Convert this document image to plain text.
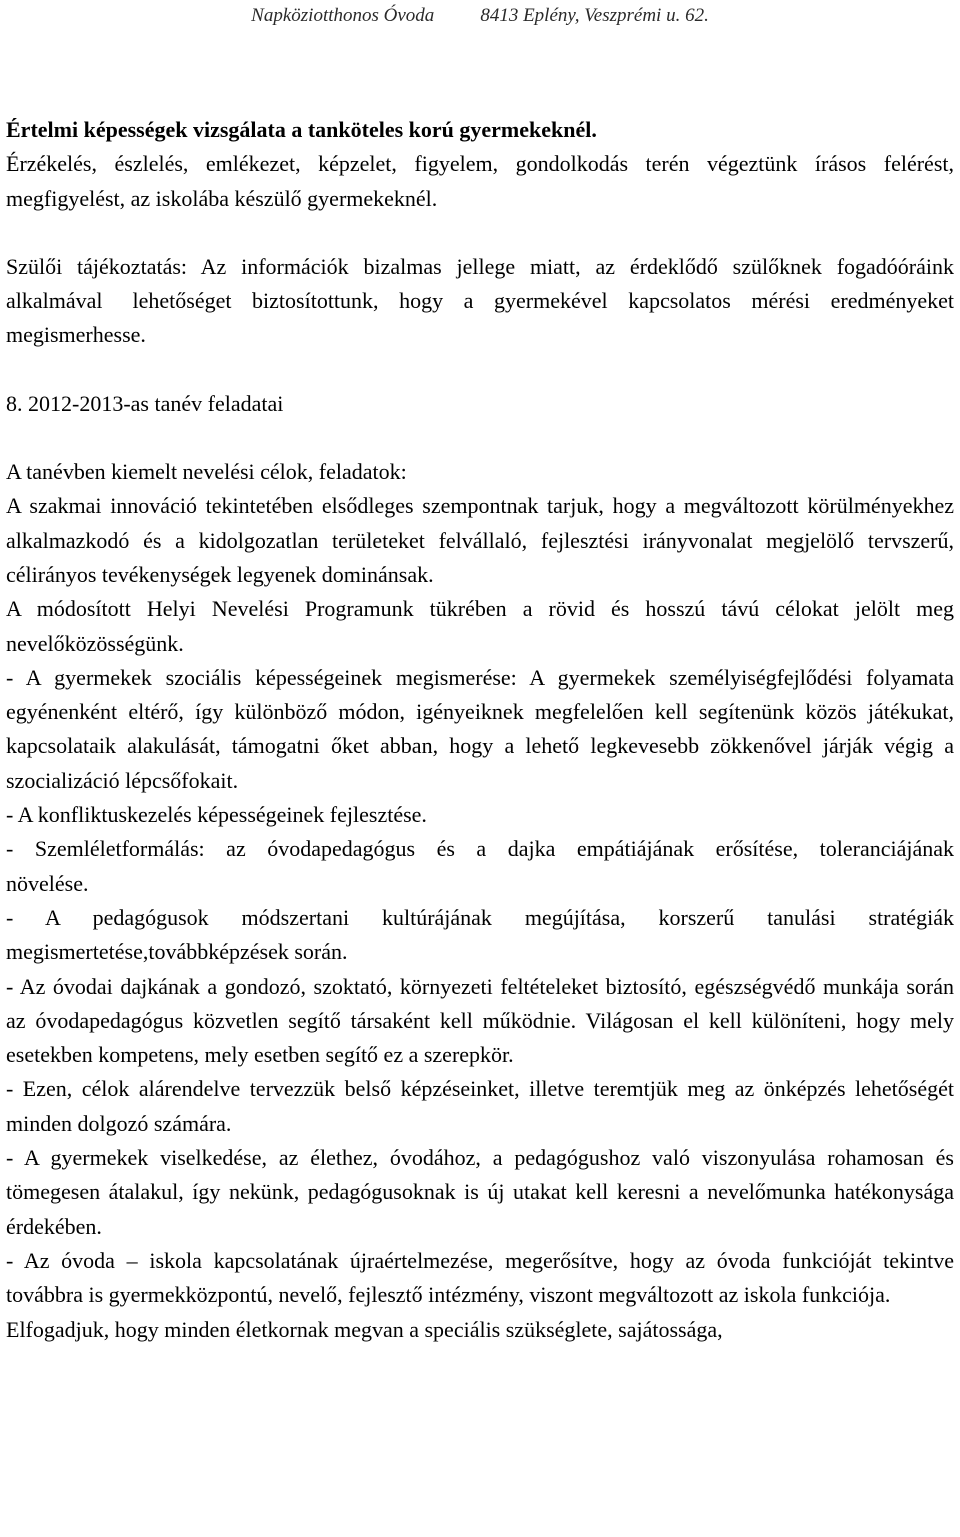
Napköziotthonos Óvoda 8413 Eplény, Veszprémi u. 62.

Értelmi képességek vizsgálata a tanköteles korú gyermekeknél.

Érzékelés, észlelés, emlékezet, képzelet, figyelem, gondolkodás terén végeztünk írásos felérést, megfigyelést, az iskolába készülő gyermekeknél.

Szülői tájékoztatás: Az információk bizalmas jellege miatt, az érdeklődő szülőknek fogadóóráink alkalmával lehetőséget biztosítottunk, hogy a gyermekével kapcsolatos mérési eredményeket megismerhesse.

8. 2012-2013-as tanév feladatai

A tanévben kiemelt nevelési célok, feladatok:

A szakmai innováció tekintetében elsődleges szempontnak tarjuk, hogy a megváltozott körülményekhez alkalmazkodó és a kidolgozatlan területeket felvállaló, fejlesztési irányvonalat megjelölő tervszerű, célirányos tevékenységek legyenek dominánsak.

A módosított Helyi Nevelési Programunk tükrében a rövid és hosszú távú célokat jelölt meg nevelőközösségünk.

- A gyermekek szociális képességeinek megismerése: A gyermekek személyiségfejlődési folyamata egyénenként eltérő, így különböző módon, igényeiknek megfelelően kell segítenünk közös játékukat, kapcsolataik alakulását, támogatni őket abban, hogy a lehető legkevesebb zökkenővel járják végig a szocializáció lépcsőfokait.

- A konfliktuskezelés képességeinek fejlesztése.

- Szemléletformálás: az óvodapedagógus és a dajka empátiájának erősítése, toleranciájának

növelése.

- A pedagógusok módszertani kultúrájának megújítása, korszerű tanulási stratégiák megismertetése,továbbképzések során.

- Az óvodai dajkának a gondozó, szoktató, környezeti feltételeket biztosító, egészségvédő munkája során az óvodapedagógus közvetlen segítő társaként kell működnie. Világosan el kell különíteni, hogy mely esetekben kompetens, mely esetben segítő ez a szerepkör.

- Ezen, célok alárendelve tervezzük belső képzéseinket, illetve teremtjük meg az önképzés lehetőségét minden dolgozó számára.

- A gyermekek viselkedése, az élethez, óvodához, a pedagógushoz való viszonyulása rohamosan és tömegesen átalakul, így nekünk, pedagógusoknak is új utakat kell keresni a nevelőmunka hatékonysága érdekében.

- Az óvoda – iskola kapcsolatának újraértelmezése, megerősítve, hogy az óvoda funkcióját tekintve továbbra is gyermekközpontú, nevelő, fejlesztő intézmény, viszont megváltozott az iskola funkciója.

Elfogadjuk, hogy minden életkornak megvan a speciális szükséglete, sajátossága,
